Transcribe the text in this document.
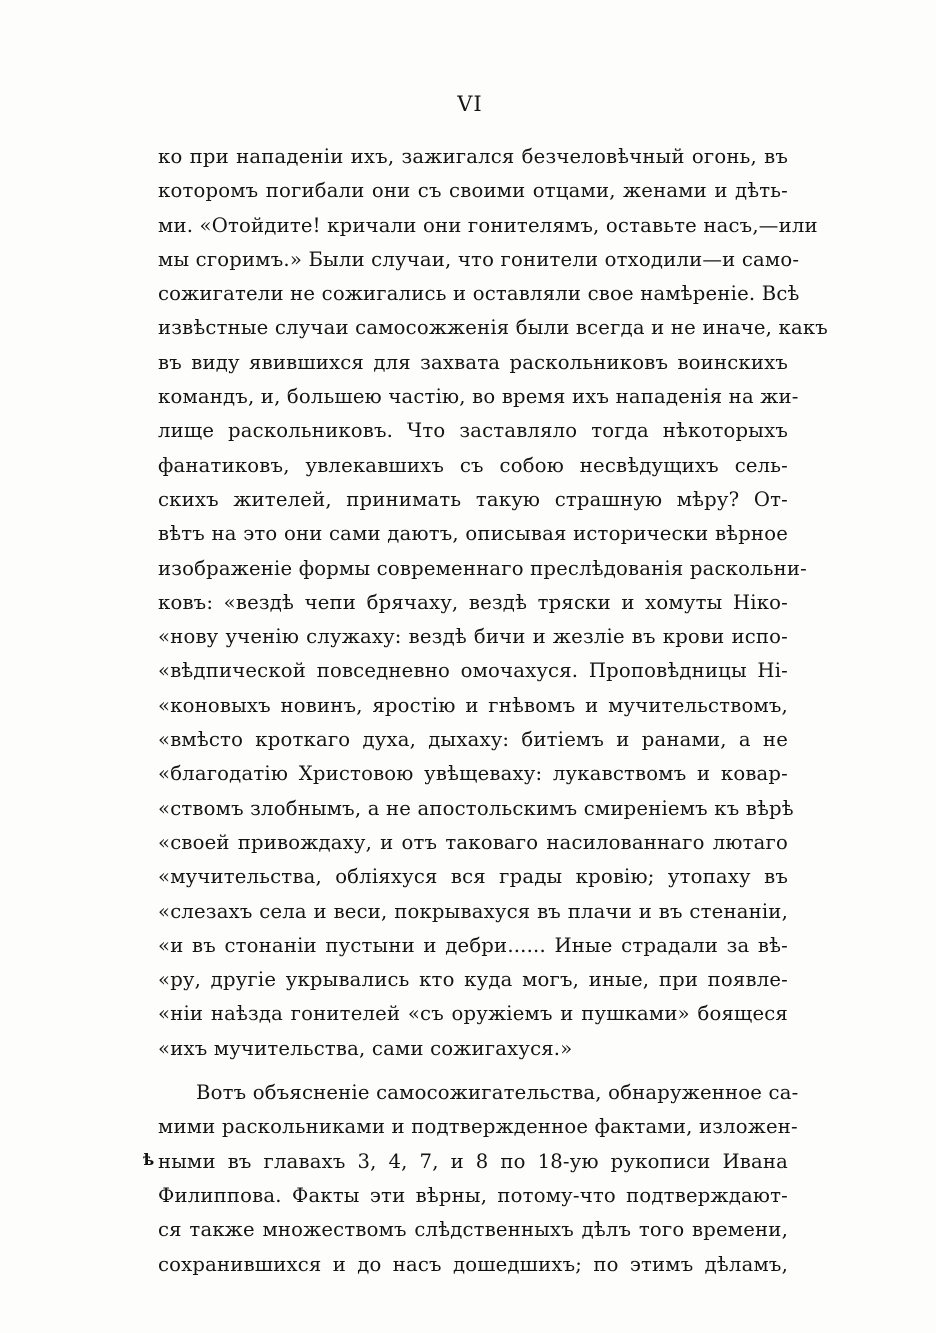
VI
ѣ
ко при нападенiи ихъ, зажигался безчеловѣчный огонь, въ
которомъ погибали они съ своими отцами, женами и дѣть-
ми. «Отойдите! кричали они гонителямъ, оставьте насъ,—или
мы сгоримъ.» Были случаи, что гонители отходили—и само-
сожигатели не сожигались и оставляли свое намѣренiе. Всѣ
извѣстные случаи самосожженiя были всегда и не иначе, какъ
въ виду явившихся для захвата раскольниковъ воинскихъ
командъ, и, большею частiю, во время ихъ нападенiя на жи-
лище раскольниковъ. Что заставляло тогда нѣкоторыхъ
фанатиковъ, увлекавшихъ съ собою несвѣдущихъ сель-
скихъ жителей, принимать такую страшную мѣру? От-
вѣтъ на это они сами даютъ, описывая исторически вѣрное
изображенiе формы современнаго преслѣдованiя раскольни-
ковъ: «вездѣ чепи брячаху, вездѣ тряски и хомуты Нiко-
«нову ученiю служаху: вездѣ бичи и жезлiе въ крови испо-
«вѣдпической повседневно омочахуся. Проповѣдницы Нi-
«коновыхъ новинъ, яростiю и гнѣвомъ и мучительствомъ,
«вмѣсто кроткаго духа, дыхаху: битiемъ и ранами, а не
«благодатiю Христовою увѣщеваху: лукавствомъ и ковар-
«ствомъ злобнымъ, а не апостольскимъ смиренiемъ къ вѣрѣ
«своей привождаху, и отъ таковаго насилованнаго лютаго
«мучительства, облiяхуся вся грады кровiю; утопаху въ
«слезахъ села и веси, покрывахуся въ плачи и въ стенанiи,
«и въ стонанiи пустыни и дебри...... Иные страдали за вѣ-
«ру, другiе укрывались кто куда могъ, иные, при появле-
«нiи наѣзда гонителей «съ оружiемъ и пушками» боящеся
«ихъ мучительства, сами сожигахуся.»
Вотъ объясненiе самосожигательства, обнаруженное са-
мими раскольниками и подтвержденное фактами, изложен-
ными въ главахъ 3, 4, 7, и 8 по 18-ую рукописи Ивана
Филиппова. Факты эти вѣрны, потому-что подтверждают-
ся также множествомъ слѣдственныхъ дѣлъ того времени,
сохранившихся и до насъ дошедшихъ; по этимъ дѣламъ,
